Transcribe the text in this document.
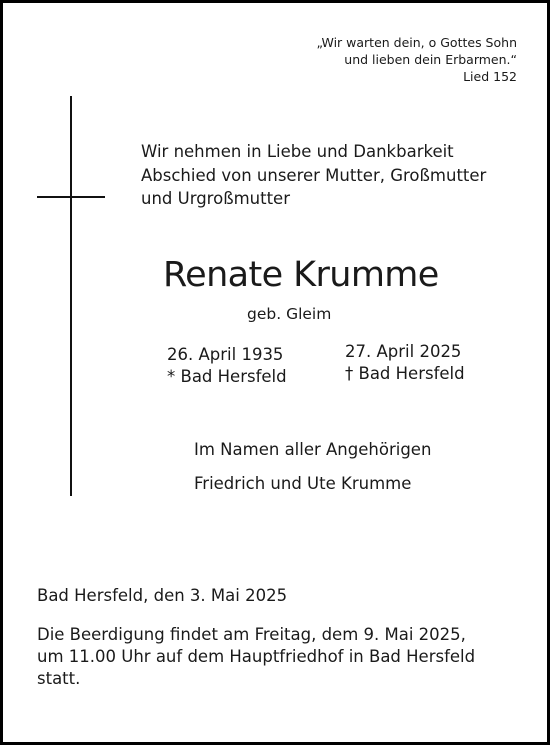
„Wir warten dein, o Gottes Sohn
und lieben dein Erbarmen.“
Lied 152
Wir nehmen in Liebe und Dankbarkeit
Abschied von unserer Mutter, Großmutter
und Urgroßmutter
Renate Krumme
geb. Gleim
26. April 1935
* Bad Hersfeld
27. April 2025
† Bad Hersfeld
Im Namen aller Angehörigen
Friedrich und Ute Krumme
Bad Hersfeld, den 3. Mai 2025
Die Beerdigung findet am Freitag, dem 9. Mai 2025,
um 11.00 Uhr auf dem Hauptfriedhof in Bad Hersfeld
statt.
